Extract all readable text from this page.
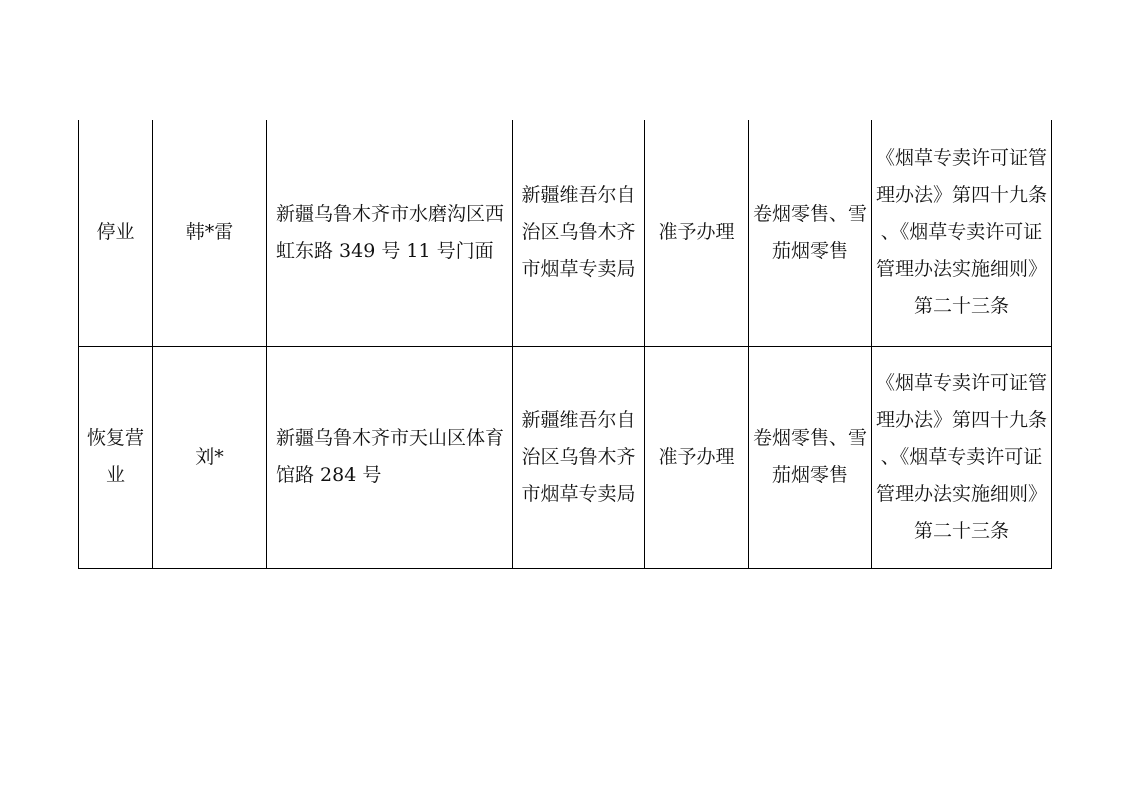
停业	韩*雷	新疆乌鲁木齐市水磨沟区西虹东路 349 号 11 号门面	新疆维吾尔自治区乌鲁木齐市烟草专卖局	准予办理	卷烟零售、雪茄烟零售	《烟草专卖许可证管理办法》第四十九条 、《烟草专卖许可证管理办法实施细则》第二十三条
恢复营业	刘*	新疆乌鲁木齐市天山区体育馆路 284 号	新疆维吾尔自治区乌鲁木齐市烟草专卖局	准予办理	卷烟零售、雪茄烟零售	《烟草专卖许可证管理办法》第四十九条 、《烟草专卖许可证管理办法实施细则》第二十三条
